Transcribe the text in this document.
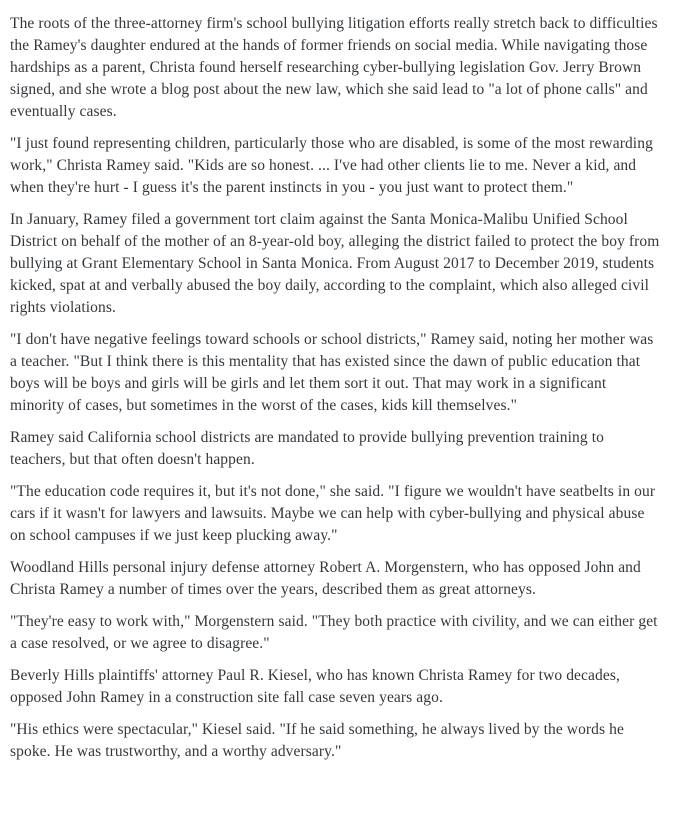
The roots of the three-attorney firm's school bullying litigation efforts really stretch back to difficulties the Ramey's daughter endured at the hands of former friends on social media. While navigating those hardships as a parent, Christa found herself researching cyber-bullying legislation Gov. Jerry Brown signed, and she wrote a blog post about the new law, which she said lead to "a lot of phone calls" and eventually cases.

"I just found representing children, particularly those who are disabled, is some of the most rewarding work," Christa Ramey said. "Kids are so honest. ... I've had other clients lie to me. Never a kid, and when they're hurt - I guess it's the parent instincts in you - you just want to protect them."

In January, Ramey filed a government tort claim against the Santa Monica-Malibu Unified School District on behalf of the mother of an 8-year-old boy, alleging the district failed to protect the boy from bullying at Grant Elementary School in Santa Monica. From August 2017 to December 2019, students kicked, spat at and verbally abused the boy daily, according to the complaint, which also alleged civil rights violations.

"I don't have negative feelings toward schools or school districts," Ramey said, noting her mother was a teacher. "But I think there is this mentality that has existed since the dawn of public education that boys will be boys and girls will be girls and let them sort it out. That may work in a significant minority of cases, but sometimes in the worst of the cases, kids kill themselves."

Ramey said California school districts are mandated to provide bullying prevention training to teachers, but that often doesn't happen.

"The education code requires it, but it's not done," she said. "I figure we wouldn't have seatbelts in our cars if it wasn't for lawyers and lawsuits. Maybe we can help with cyber-bullying and physical abuse on school campuses if we just keep plucking away."

Woodland Hills personal injury defense attorney Robert A. Morgenstern, who has opposed John and Christa Ramey a number of times over the years, described them as great attorneys.

"They're easy to work with," Morgenstern said. "They both practice with civility, and we can either get a case resolved, or we agree to disagree."

Beverly Hills plaintiffs' attorney Paul R. Kiesel, who has known Christa Ramey for two decades, opposed John Ramey in a construction site fall case seven years ago.

"His ethics were spectacular," Kiesel said. "If he said something, he always lived by the words he spoke. He was trustworthy, and a worthy adversary."
